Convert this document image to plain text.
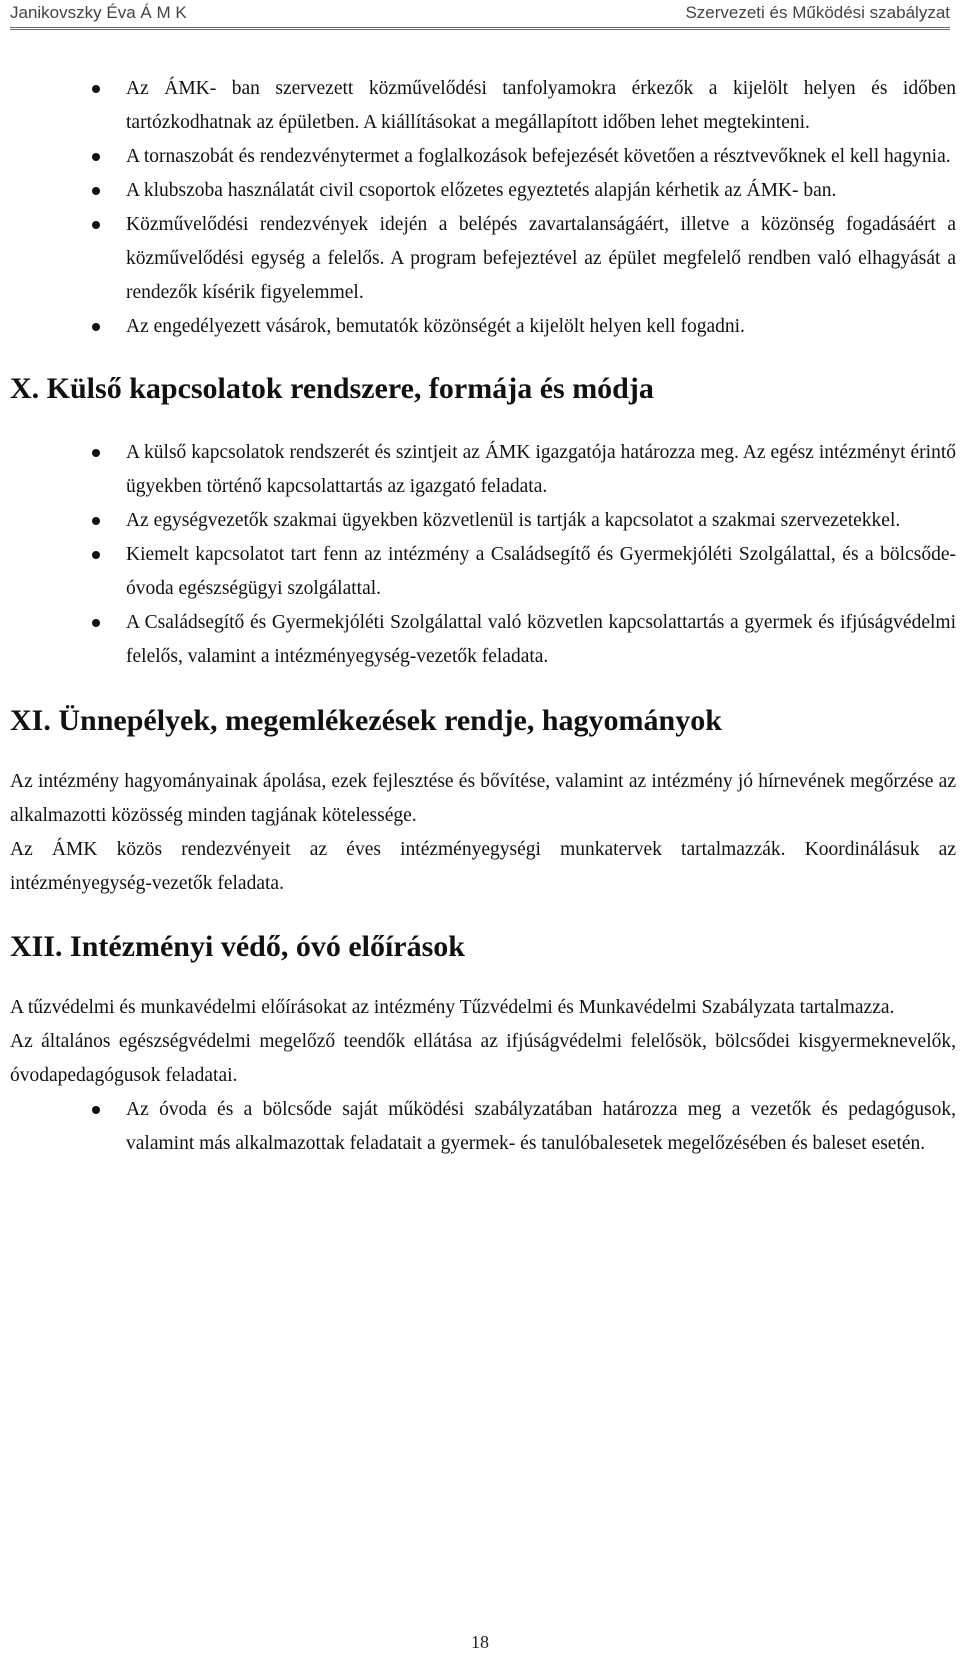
Janikovszky Éva Á M K	Szervezeti és Működési szabályzat
Az ÁMK- ban szervezett közművelődési tanfolyamokra érkezők a kijelölt helyen és időben tartózkodhatnak az épületben. A kiállításokat a megállapított időben lehet megtekinteni.
A tornaszobát és rendezvénytermet a foglalkozások befejezését követően a résztvevőknek el kell hagynia.
A klubszoba használatát civil csoportok előzetes egyeztetés alapján kérhetik az ÁMK- ban.
Közművelődési rendezvények idején a belépés zavartalanságáért, illetve a közönség fogadásáért a közművelődési egység a felelős. A program befejeztével az épület megfelelő rendben való elhagyását a rendezők kísérik figyelemmel.
Az engedélyezett vásárok, bemutatók közönségét a kijelölt helyen kell fogadni.
X. Külső kapcsolatok rendszere, formája és módja
A külső kapcsolatok rendszerét és szintjeit az ÁMK igazgatója határozza meg. Az egész intézményt érintő ügyekben történő kapcsolattartás az igazgató feladata.
Az egységvezetők szakmai ügyekben közvetlenül is tartják a kapcsolatot a szakmai szervezetekkel.
Kiemelt kapcsolatot tart fenn az intézmény a Családsegítő és Gyermekjóléti Szolgálattal, és a bölcsőde-óvoda egészségügyi szolgálattal.
A Családsegítő és Gyermekjóléti Szolgálattal való közvetlen kapcsolattartás a gyermek és ifjúságvédelmi felelős, valamint a intézményegység-vezetők feladata.
XI. Ünnepélyek, megemlékezések rendje, hagyományok

Az intézmény hagyományainak ápolása, ezek fejlesztése és bővítése, valamint az intézmény jó hírnevének megőrzése az alkalmazotti közösség minden tagjának kötelessége.

Az ÁMK közös rendezvényeit az éves intézményegységi munkatervek tartalmazzák. Koordinálásuk az intézményegység-vezetők feladata.

XII. Intézményi védő, óvó előírások

A tűzvédelmi és munkavédelmi előírásokat az intézmény Tűzvédelmi és Munkavédelmi Szabályzata tartalmazza.

Az általános egészségvédelmi megelőző teendők ellátása az ifjúságvédelmi felelősök, bölcsődei kisgyermeknevelők, óvodapedagógusok feladatai.

Az óvoda és a bölcsőde saját működési szabályzatában határozza meg a vezetők és pedagógusok, valamint más alkalmazottak feladatait a gyermek- és tanulóbalesetek megelőzésében és baleset esetén.
18
